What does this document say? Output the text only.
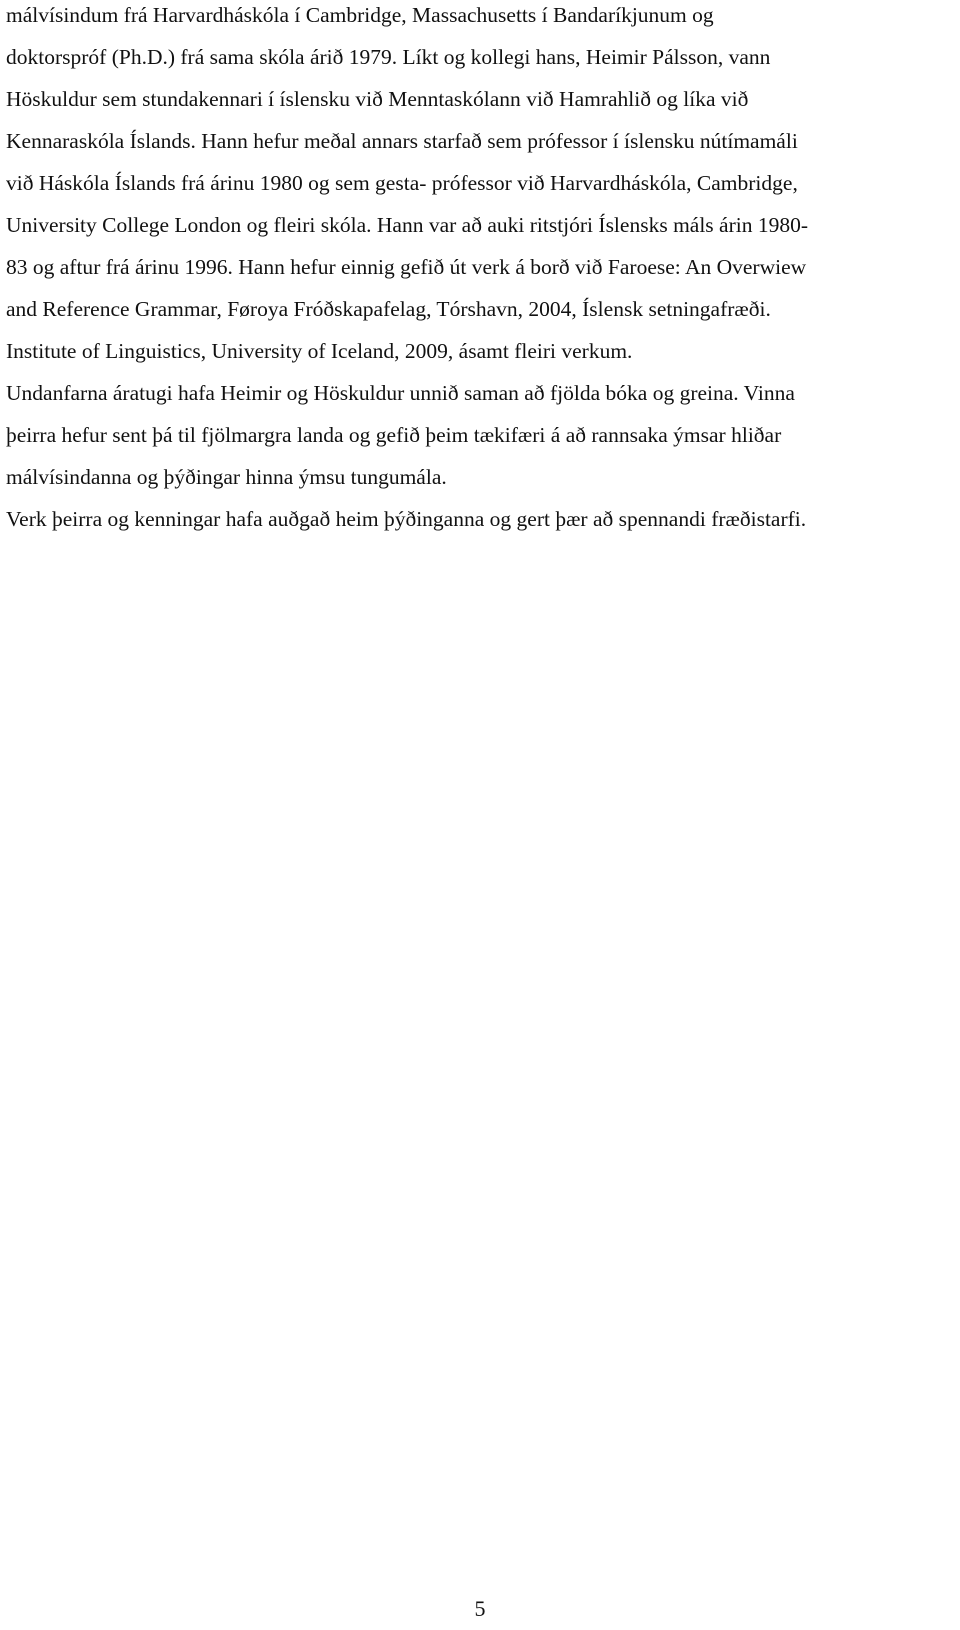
málvísindum frá Harvardháskóla í Cambridge, Massachusetts í Bandaríkjunum og
doktorspróf (Ph.D.) frá sama skóla árið 1979. Líkt og kollegi hans, Heimir Pálsson, vann
Höskuldur sem stundakennari í íslensku við Menntaskólann við Hamrahlið og líka við
Kennaraskóla Íslands. Hann hefur meðal annars starfað sem prófessor í íslensku nútímamáli
við Háskóla Íslands frá árinu 1980 og sem gesta- prófessor við Harvardháskóla, Cambridge,
University College London og fleiri skóla. Hann var að auki ritstjóri Íslensks máls árin 1980-
83 og aftur frá árinu 1996. Hann hefur einnig gefið út verk á borð við Faroese: An Overwiew
and Reference Grammar, Føroya Fróðskapafelag, Tórshavn, 2004, Íslensk setningafræði.
Institute of Linguistics, University of Iceland, 2009, ásamt fleiri verkum.
Undanfarna áratugi hafa Heimir og Höskuldur unnið saman að fjölda bóka og greina. Vinna
þeirra hefur sent þá til fjölmargra landa og gefið þeim tækifæri á að rannsaka ýmsar hliðar
málvísindanna og þýðingar hinna ýmsu tungumála.
Verk þeirra og kenningar hafa auðgað heim þýðinganna og gert þær að spennandi fræðistarfi.
5
